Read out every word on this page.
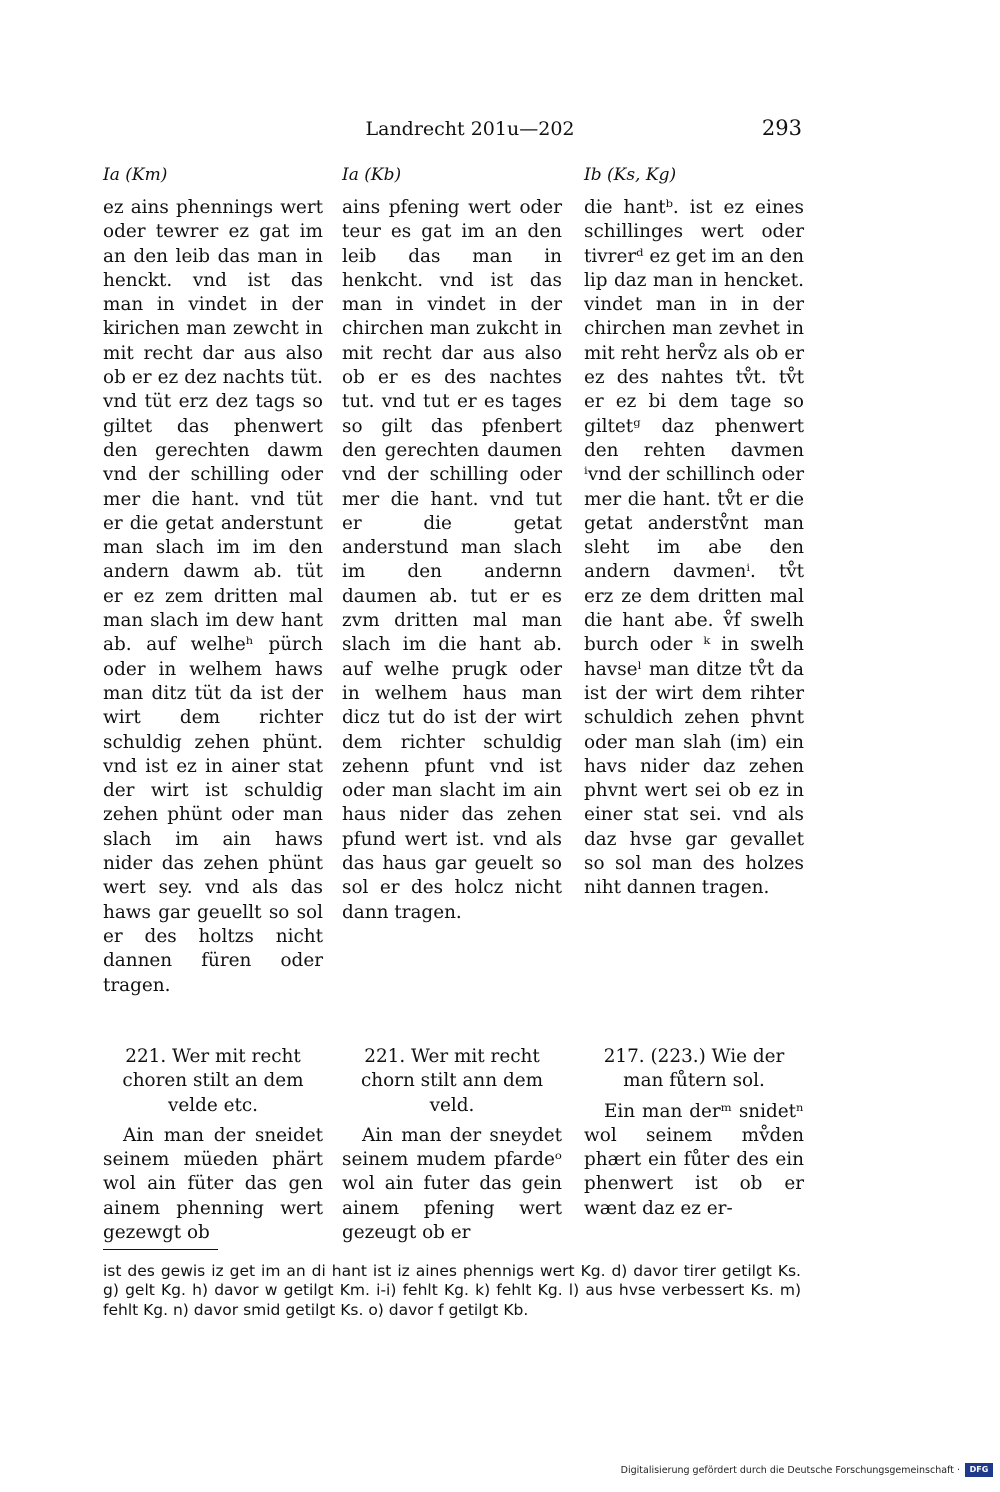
Landrecht 201u—202	293
Ia (Km)

ez ains phennings wert oder tewrer ez gat im an den leib das man in henckt. vnd ist das man in vindet in der kirichen man zewcht in mit recht dar aus also ob er ez dez nachts tüt. vnd tüt erz dez tags so giltet das phenwert den gerechten dawm vnd der schilling oder mer die hant. vnd tüt er die getat anderstunt man slach im im den andern dawm ab. tüt er ez zem dritten mal man slach im dew hant ab. auf welheʰ pürch oder in welhem haws man ditz tüt da ist der wirt dem richter schuldig zehen phünt. vnd ist ez in ainer stat der wirt ist schuldig zehen phünt oder man slach im ain haws nider das zehen phünt wert sey. vnd als das haws gar geuellt so sol er des holtzs nicht dannen füren oder tragen.

Ia (Kb)

ains pfening wert oder teur es gat im an den leib das man in henkcht. vnd ist das man in vindet in der chirchen man zukcht in mit recht dar aus also ob er es des nachtes tut. vnd tut er es tages so gilt das pfenbert den gerechten daumen vnd der schilling oder mer die hant. vnd tut er die getat anderstund man slach im den andernn daumen ab. tut er es zvm dritten mal man slach im die hant ab. auf welhe prugk oder in welhem haus man dicz tut do ist der wirt dem richter schuldig zehenn pfunt vnd ist oder man slacht im ain haus nider das zehen pfund wert ist. vnd als das haus gar geuelt so sol er des holcz nicht dann tragen.

Ib (Ks, Kg)

die hantᵇ. ist ez eines schillinges wert oder tivrerᵈ ez get im an den lip daz man in hencket. vindet man in in der chirchen man zevhet in mit reht herv̊z als ob er ez des nahtes tv̊t. tv̊t er ez bi dem tage so giltetᵍ daz phenwert den rehten davmen ⁱvnd der schillinch oder mer die hant. tv̊t er die getat anderstv̊nt man sleht im abe den andern davmenⁱ. tv̊t erz ze dem dritten mal die hant abe. v̊f swelh burch oder ᵏ in swelh havseˡ man ditze tv̊t da ist der wirt dem rihter schuldich zehen phvnt oder man slah (im) ein havs nider daz zehen phvnt wert sei ob ez in einer stat sei. vnd als daz hvse gar gevallet so sol man des holzes niht dannen tragen.

221. Wer mit recht choren stilt an dem velde etc.

Ain man der sneidet seinem müeden phärt wol ain füter das gen ainem phenning wert gezewgt ob

221. Wer mit recht chorn stilt ann dem veld.

Ain man der sneydet seinem mudem pfardeᵒ wol ain futer das gein ainem pfening wert gezeugt ob er

217. (223.) Wie der man fůtern sol.

Ein man derᵐ snidetⁿ wol seinem mv̊den phært ein fůter des ein phenwert ist ob er wænt daz ez er-

ist des gewis iz get im an di hant ist iz aines phennigs wert Kg. d) davor tirer getilgt Ks. g) gelt Kg. h) davor w getilgt Km. i-i) fehlt Kg. k) fehlt Kg. l) aus hvse verbessert Ks. m) fehlt Kg. n) davor smid getilgt Ks. o) davor f getilgt Kb.

Digitalisierung gefördert durch die Deutsche Forschungsgemeinschaft ·	DFG
